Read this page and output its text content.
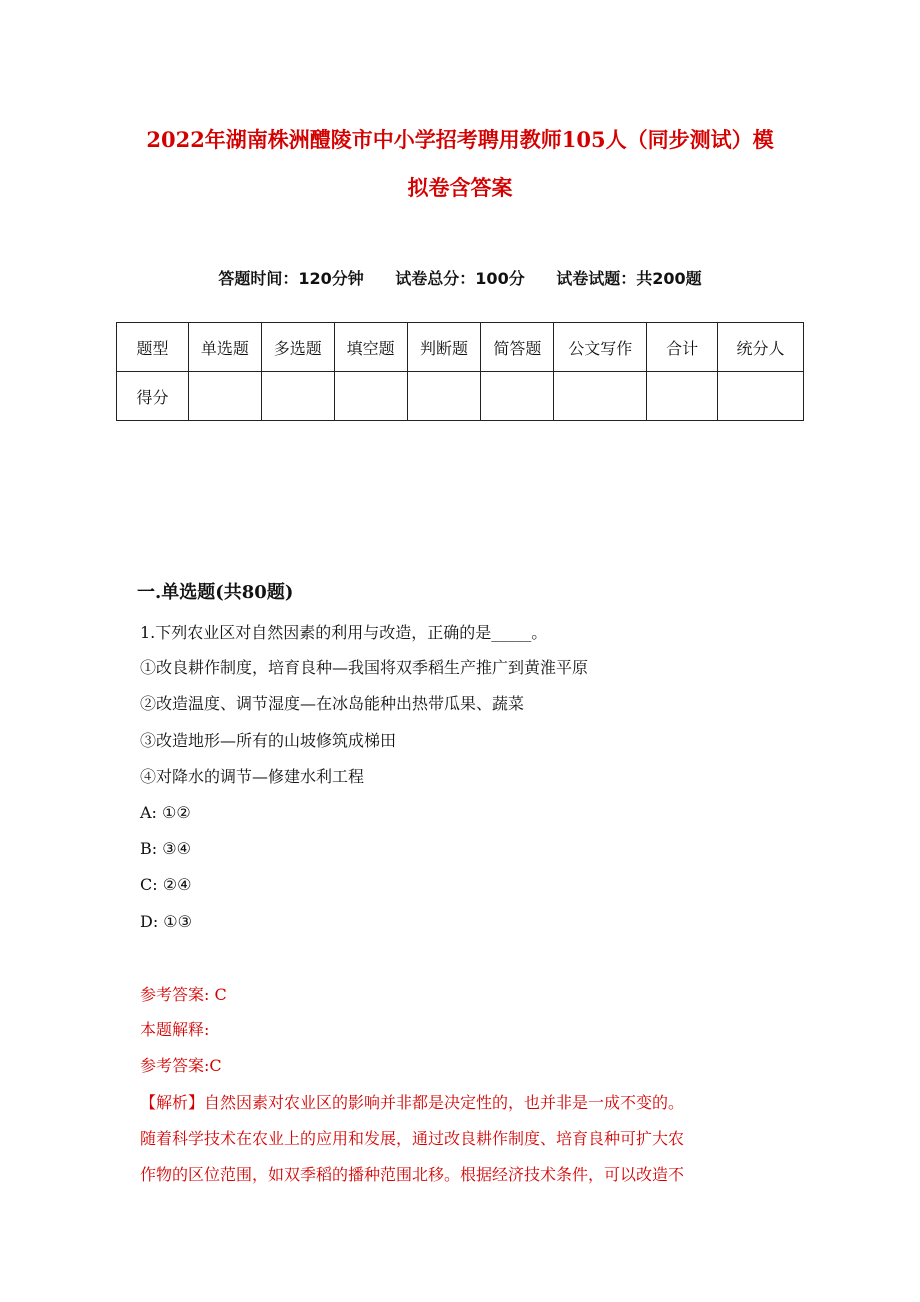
2022年湖南株洲醴陵市中小学招考聘用教师105人（同步测试）模
拟卷含答案
答题时间：120分钟 试卷总分：100分 试卷试题：共200题
题型	单选题	多选题	填空题	判断题	简答题	公文写作	合计	统分人
得分								
一.单选题(共80题)
1.下列农业区对自然因素的利用与改造，正确的是_____。
①改良耕作制度，培育良种—我国将双季稻生产推广到黄淮平原
②改造温度、调节湿度—在冰岛能种出热带瓜果、蔬菜
③改造地形—所有的山坡修筑成梯田
④对降水的调节—修建水利工程
A: ①②
B: ③④
C: ②④
D: ①③
参考答案: C
本题解释:
参考答案:C
【解析】自然因素对农业区的影响并非都是决定性的，也并非是一成不变的。
随着科学技术在农业上的应用和发展，通过改良耕作制度、培育良种可扩大农
作物的区位范围，如双季稻的播种范围北移。根据经济技术条件，可以改造不
